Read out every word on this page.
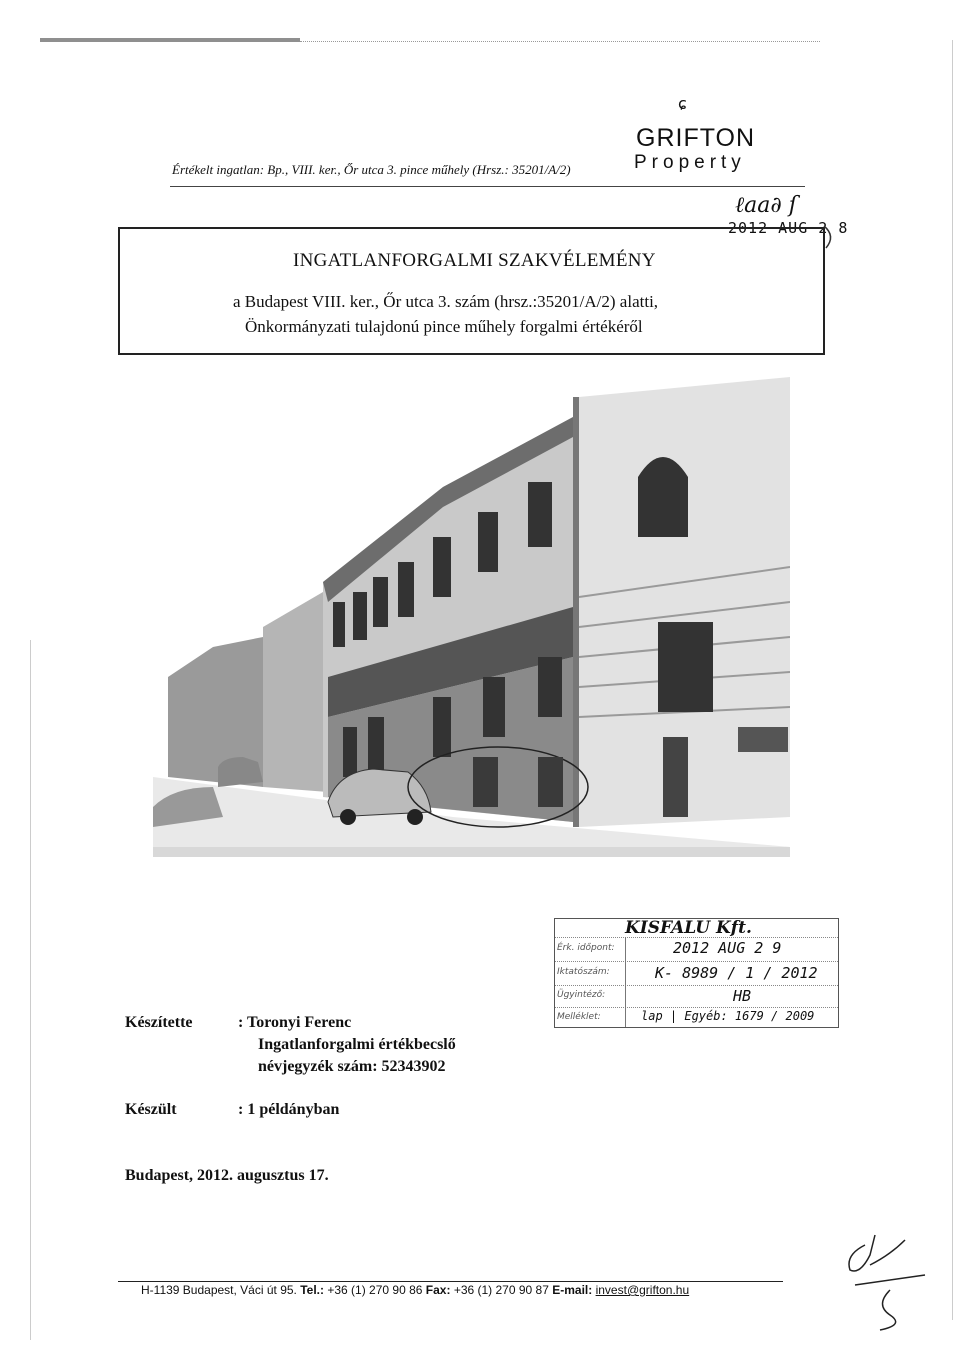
Értékelt ingatlan: Bp., VIII. ker., Őr utca 3. pince műhely (Hrsz.: 35201/A/2)
ɕ
GRIFTON
Property
ℓaa∂ ſ
2012 AUG 2 8
INGATLANFORGALMI SZAKVÉLEMÉNY
a Budapest VIII. ker., Őr utca 3. szám (hrsz.:35201/A/2) alatti,
Önkormányzati tulajdonú pince műhely forgalmi értékéről
Érk. időpont:	2012 AUG 2 9
Iktatószám:	K- 8989 / 1 / 2012
Ügyintéző:	HB
Melléklet:	lap | Egyéb: 1679 / 2009
KISFALU Kft.
Készítette	: Toronyi Ferenc
Ingatlanforgalmi értékbecslő
névjegyzék szám: 52343902
Készült	: 1 példányban
Budapest, 2012. augusztus 17.
H-1139 Budapest, Váci út 95. Tel.: +36 (1) 270 90 86 Fax: +36 (1) 270 90 87 E-mail: invest@grifton.hu
